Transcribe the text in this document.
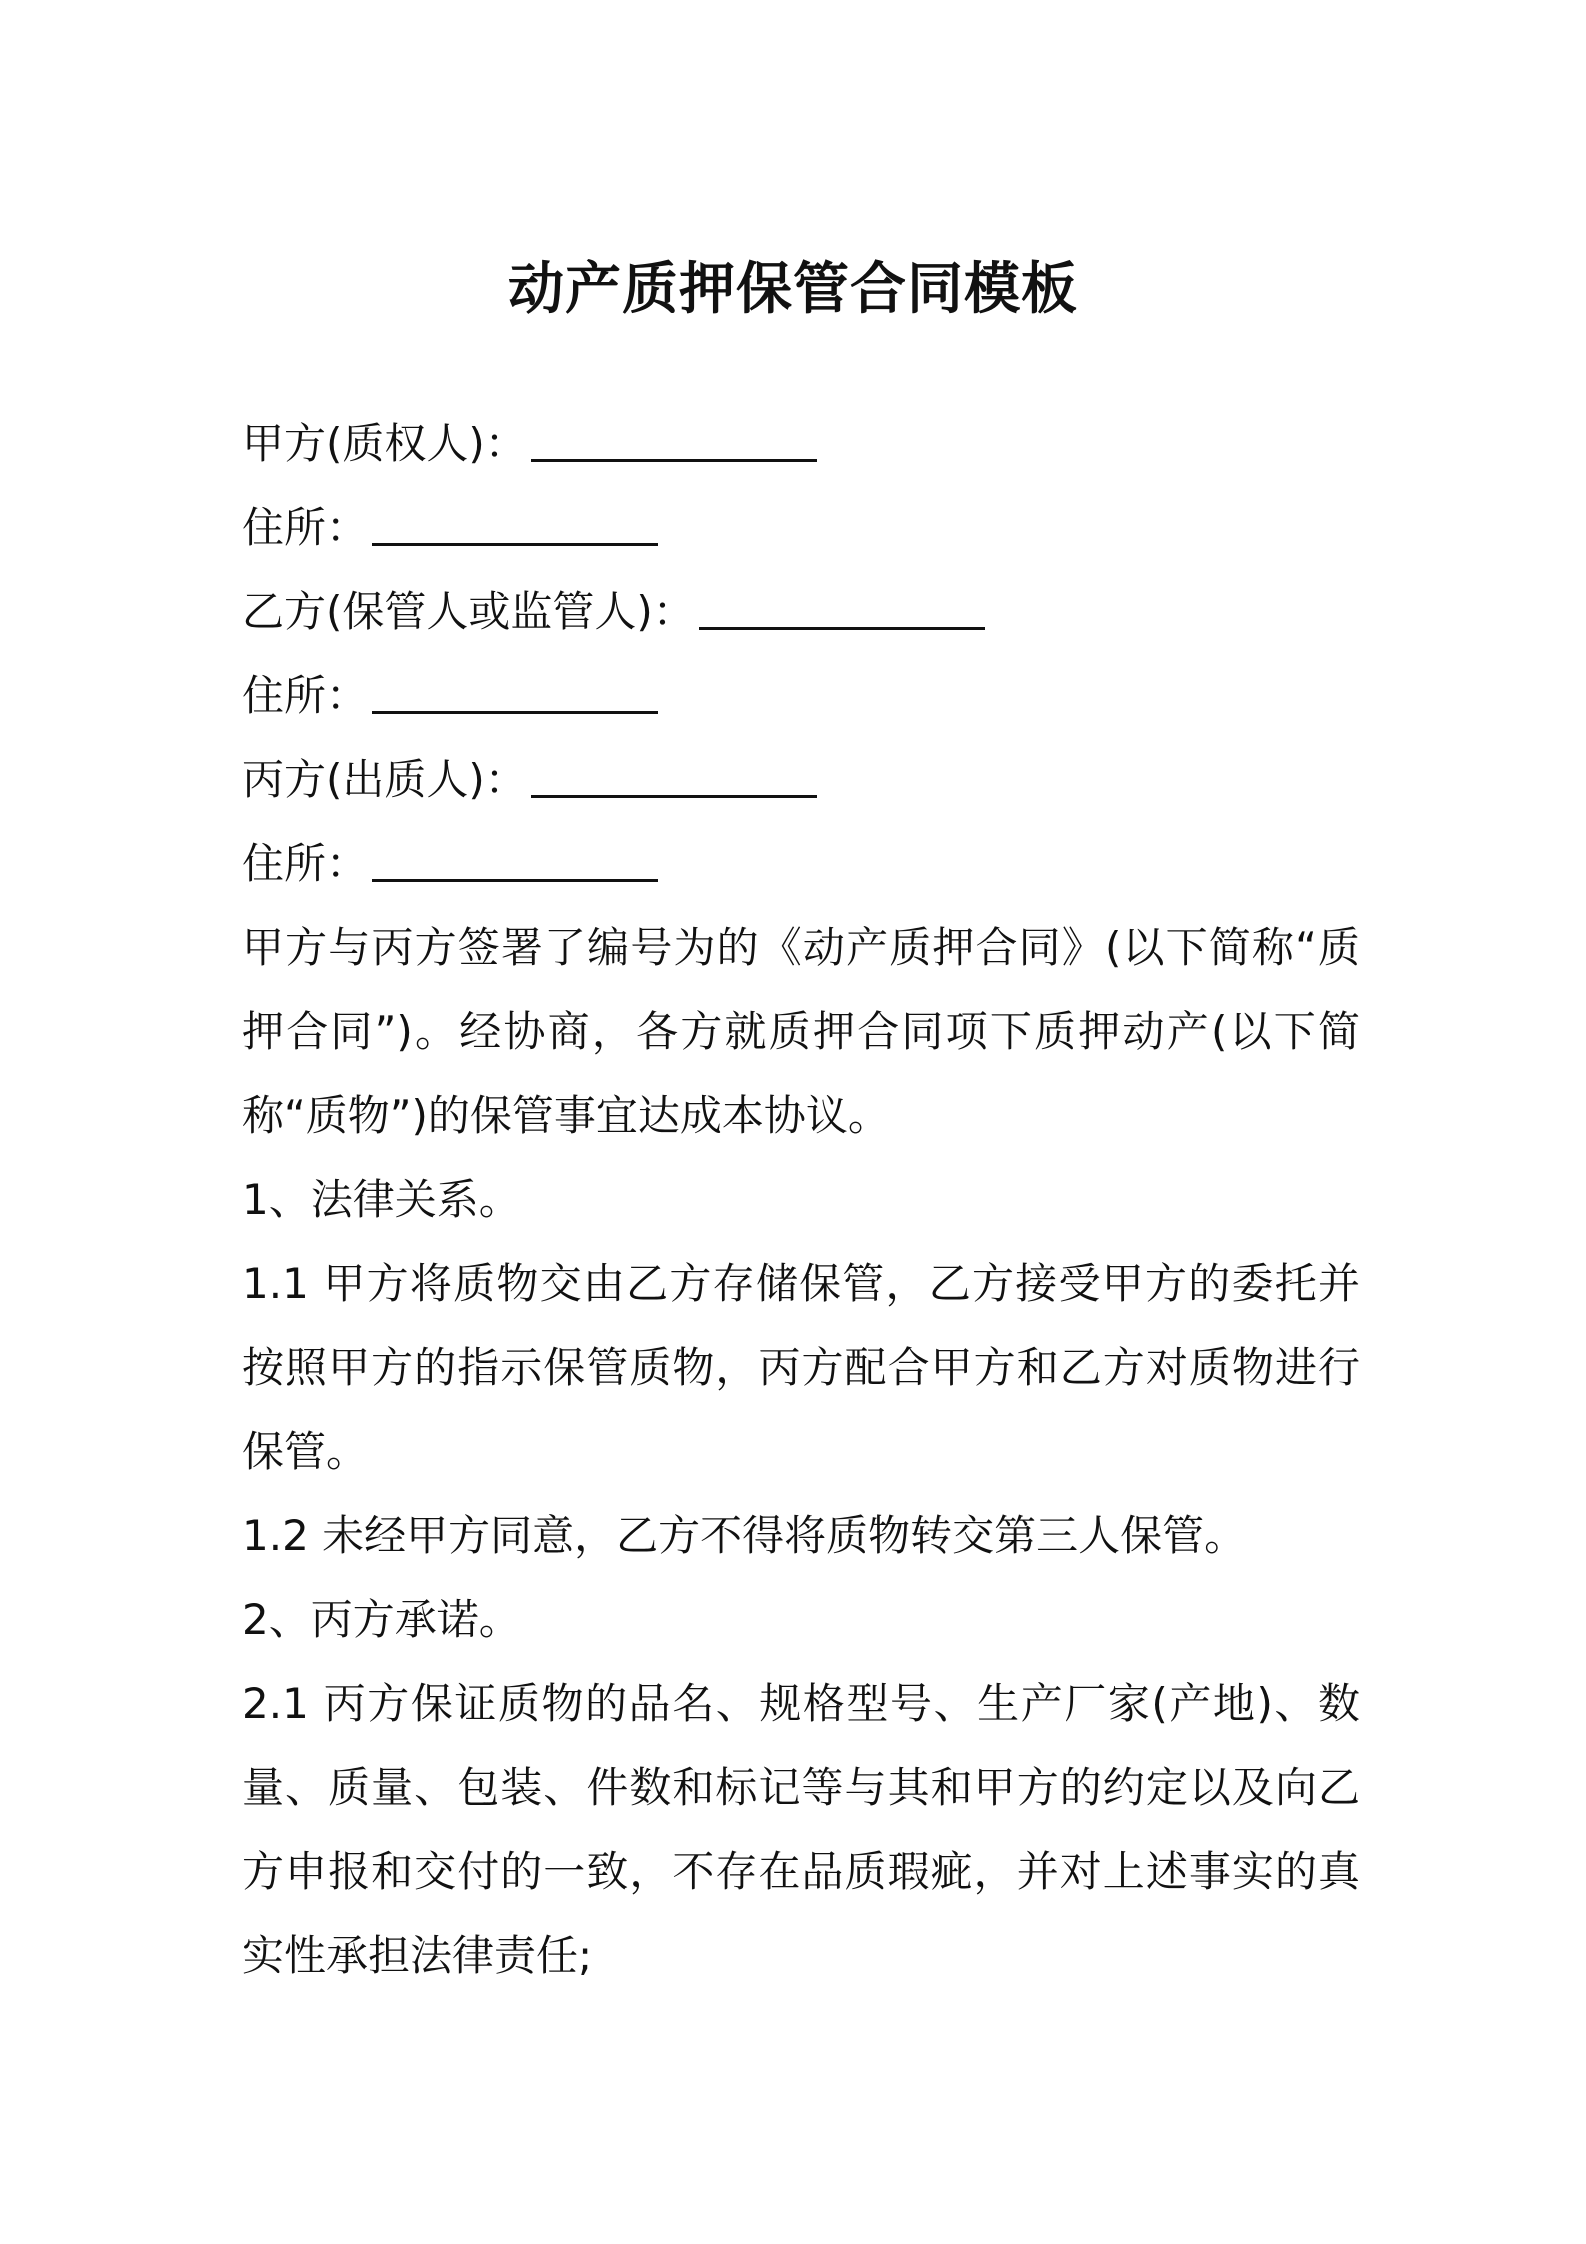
动产质押保管合同模板
甲方(质权人)：
住所：
乙方(保管人或监管人)：
住所：
丙方(出质人)：
住所：
甲方与丙方签署了编号为的《动产质押合同》(以下简称“质押合同”)。经协商，各方就质押合同项下质押动产(以下简称“质物”)的保管事宜达成本协议。
1、法律关系。
1.1 甲方将质物交由乙方存储保管，乙方接受甲方的委托并按照甲方的指示保管质物，丙方配合甲方和乙方对质物进行保管。
1.2 未经甲方同意，乙方不得将质物转交第三人保管。
2、丙方承诺。
2.1 丙方保证质物的品名、规格型号、生产厂家(产地)、数量、质量、包装、件数和标记等与其和甲方的约定以及向乙方申报和交付的一致，不存在品质瑕疵，并对上述事实的真实性承担法律责任;
